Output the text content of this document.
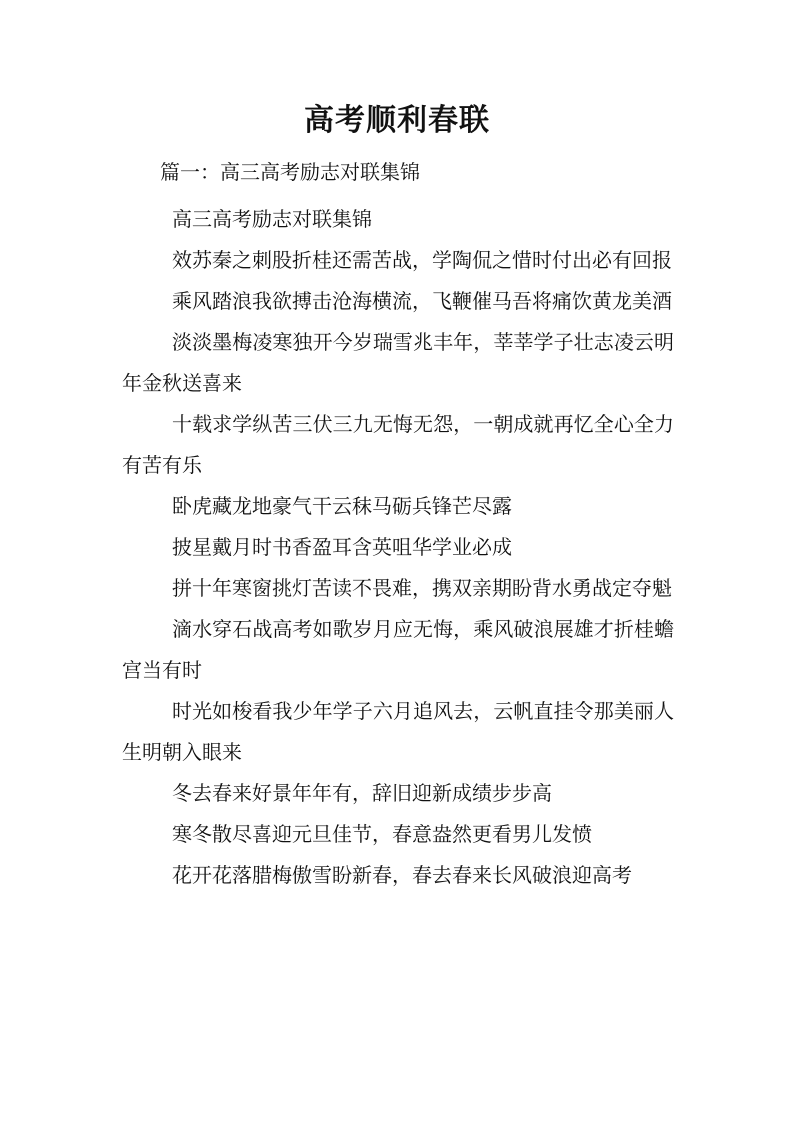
高考顺利春联
篇一：高三高考励志对联集锦

高三高考励志对联集锦

效苏秦之刺股折桂还需苦战，学陶侃之惜时付出必有回报

乘风踏浪我欲搏击沧海横流，飞鞭催马吾将痛饮黄龙美酒

淡淡墨梅凌寒独开今岁瑞雪兆丰年，莘莘学子壮志凌云明年金秋送喜来

十载求学纵苦三伏三九无悔无怨，一朝成就再忆全心全力有苦有乐

卧虎藏龙地豪气干云秣马砺兵锋芒尽露

披星戴月时书香盈耳含英咀华学业必成

拼十年寒窗挑灯苦读不畏难，携双亲期盼背水勇战定夺魁

滴水穿石战高考如歌岁月应无悔，乘风破浪展雄才折桂蟾宫当有时

时光如梭看我少年学子六月追风去，云帆直挂令那美丽人生明朝入眼来

冬去春来好景年年有，辞旧迎新成绩步步高

寒冬散尽喜迎元旦佳节，春意盎然更看男儿发愤

花开花落腊梅傲雪盼新春，春去春来长风破浪迎高考
